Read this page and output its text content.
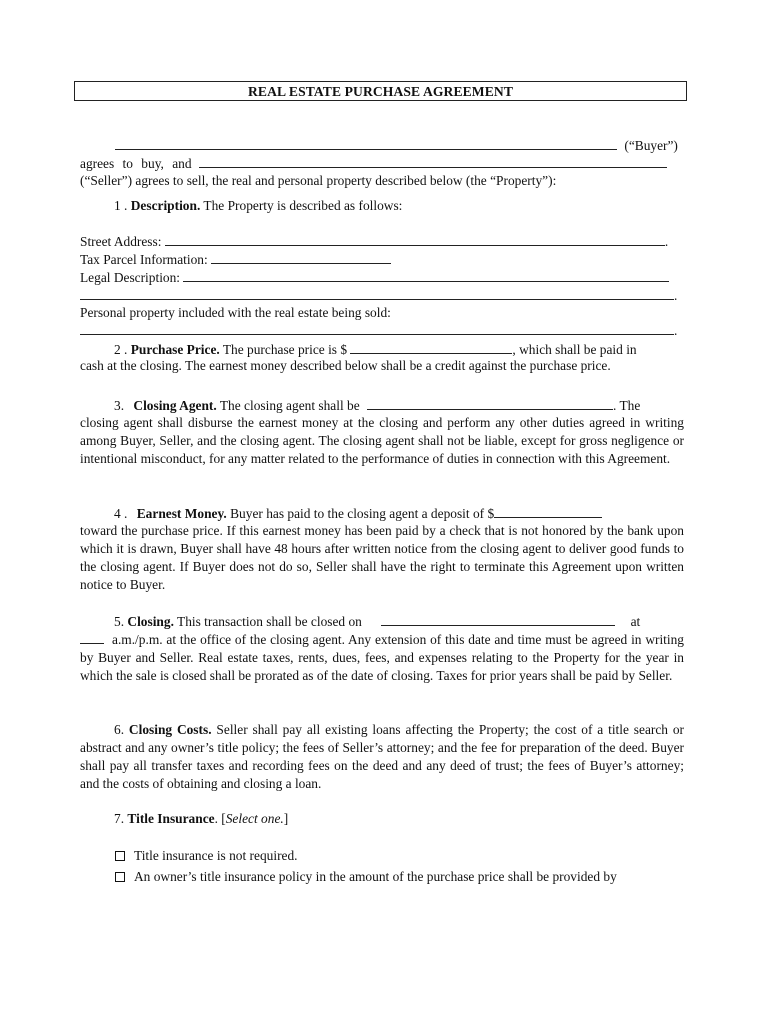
REAL ESTATE PURCHASE AGREEMENT
(“Buyer”)
agrees to buy, and
(“Seller”) agrees to sell, the real and personal property described below (the “Property”):
1 . Description. The Property is described as follows:
Street Address:	.
Tax Parcel Information:
Legal Description:
.
Personal property included with the real estate being sold:
.
2 . Purchase Price. The purchase price is $	, which shall be paid in
cash at the closing. The earnest money described below shall be a credit against the purchase price.
3. Closing Agent. The closing agent shall be	. The
closing agent shall disburse the earnest money at the closing and perform any other duties agreed in writing among Buyer, Seller, and the closing agent. The closing agent shall not be liable, except for gross negligence or intentional misconduct, for any matter related to the performance of duties in connection with this Agreement.
4 . Earnest Money. Buyer has paid to the closing agent a deposit of $
toward the purchase price. If this earnest money has been paid by a check that is not honored by the bank upon which it is drawn, Buyer shall have 48 hours after written notice from the closing agent to deliver good funds to the closing agent. If Buyer does not do so, Seller shall have the right to terminate this Agreement upon written notice to Buyer.
5. Closing. This transaction shall be closed on	at
a.m./p.m. at the office of the closing agent. Any extension of this date and time must be agreed in writing by Buyer and Seller. Real estate taxes, rents, dues, fees, and expenses relating to the Property for the year in which the sale is closed shall be prorated as of the date of closing. Taxes for prior years shall be paid by Seller.
6. Closing Costs. Seller shall pay all existing loans affecting the Property; the cost of a title search or abstract and any owner’s title policy; the fees of Seller’s attorney; and the fee for preparation of the deed. Buyer shall pay all transfer taxes and recording fees on the deed and any deed of trust; the fees of Buyer’s attorney; and the costs of obtaining and closing a loan.
7. Title Insurance. [Select one.]
Title insurance is not required.
An owner’s title insurance policy in the amount of the purchase price shall be provided by
